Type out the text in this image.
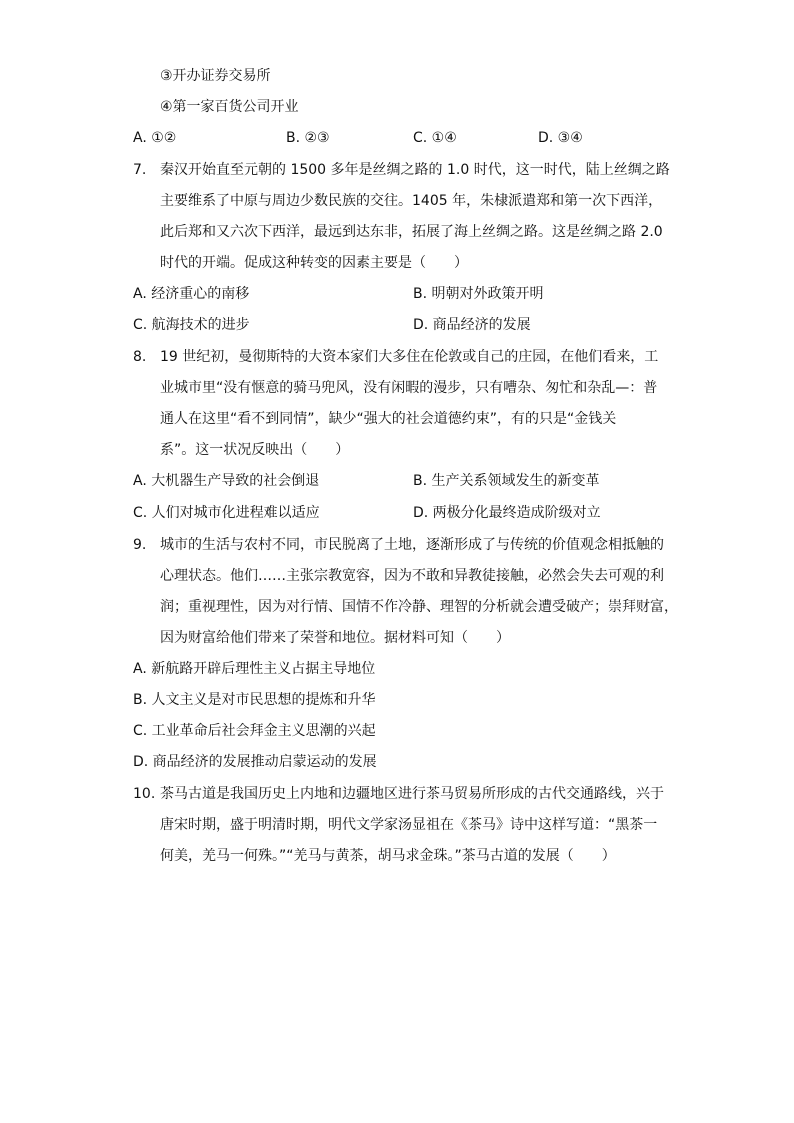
③开办证券交易所
④第一家百货公司开业
A. ①②	B. ②③	C. ①④	D. ③④
7. 秦汉开始直至元朝的 1500 多年是丝绸之路的 1.0 时代，这一时代，陆上丝绸之路
主要维系了中原与周边少数民族的交往。1405 年，朱棣派遣郑和第一次下西洋，
此后郑和又六次下西洋，最远到达东非，拓展了海上丝绸之路。这是丝绸之路 2.0
时代的开端。促成这种转变的因素主要是（　　）
A. 经济重心的南移	B. 明朝对外政策开明
C. 航海技术的进步	D. 商品经济的发展
8. 19 世纪初，曼彻斯特的大资本家们大多住在伦敦或自己的庄园，在他们看来，工
业城市里“没有惬意的骑马兜风，没有闲暇的漫步，只有嘈杂、匆忙和杂乱—：普
通人在这里“看不到同情”，缺少“强大的社会道德约束”，有的只是“金钱关
系”。这一状况反映出（　　）
A. 大机器生产导致的社会倒退	B. 生产关系领域发生的新变革
C. 人们对城市化进程难以适应	D. 两极分化最终造成阶级对立
9. 城市的生活与农村不同，市民脱离了土地，逐渐形成了与传统的价值观念相抵触的
心理状态。他们……主张宗教宽容，因为不敢和异教徒接触，必然会失去可观的利
润；重视理性，因为对行情、国情不作冷静、理智的分析就会遭受破产；崇拜财富，
因为财富给他们带来了荣誉和地位。据材料可知（　　）
A. 新航路开辟后理性主义占据主导地位
B. 人文主义是对市民思想的提炼和升华
C. 工业革命后社会拜金主义思潮的兴起
D. 商品经济的发展推动启蒙运动的发展
10. 茶马古道是我国历史上内地和边疆地区进行茶马贸易所形成的古代交通路线，兴于
唐宋时期，盛于明清时期，明代文学家汤显祖在《茶马》诗中这样写道：“黑茶一
何美，羌马一何殊。”“羌马与黄茶，胡马求金珠。”茶马古道的发展（　　）
